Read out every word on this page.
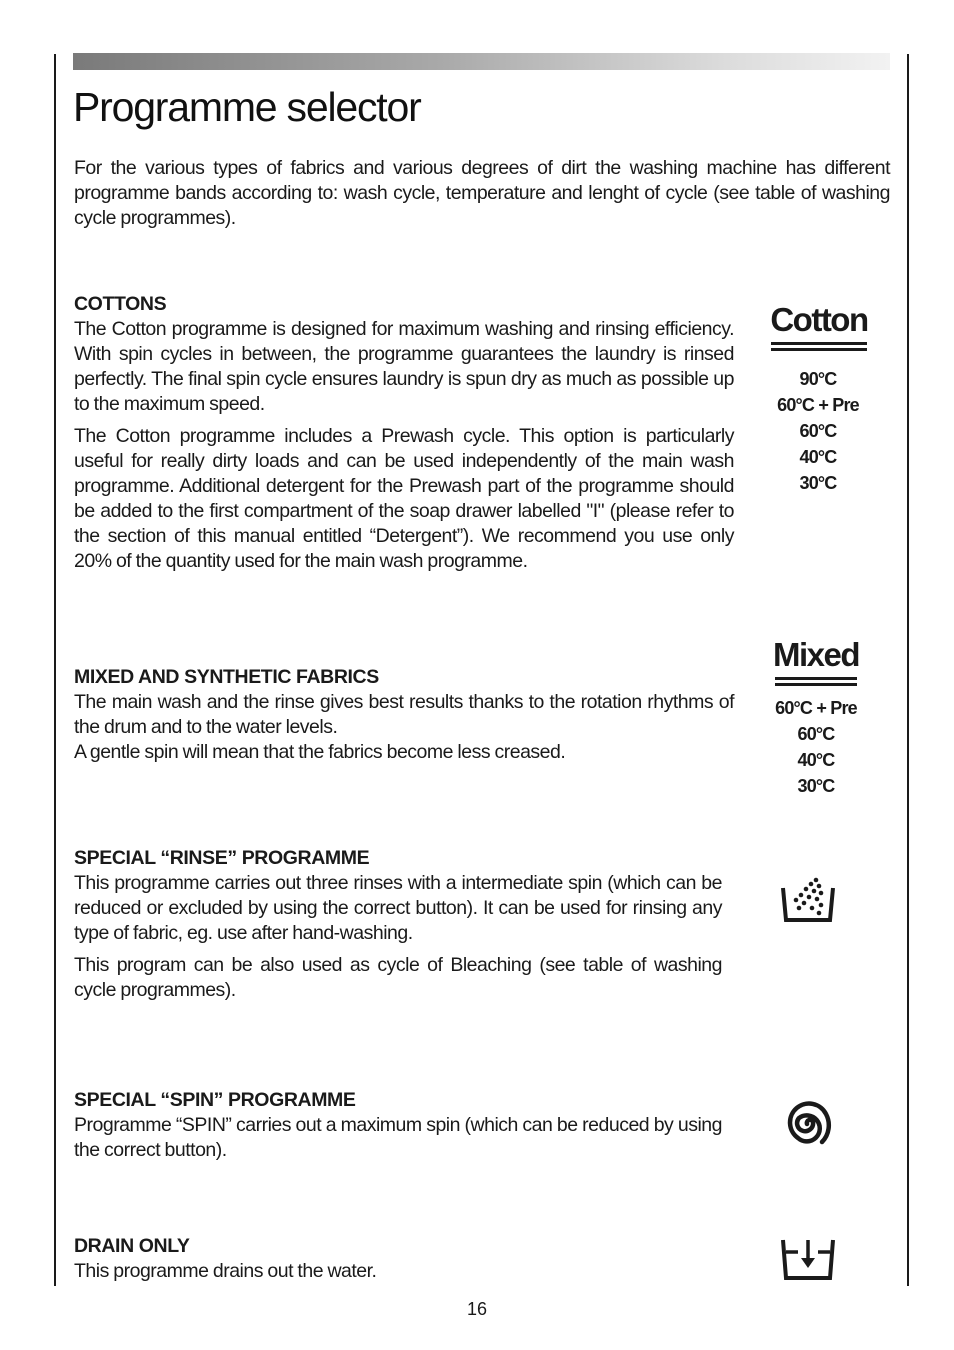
Programme selector

For the various types of fabrics and various degrees of dirt the washing machine has different programme bands according to: wash cycle, temperature and lenght of cycle (see table of washing cycle programmes).

COTTONS

The Cotton programme is designed for maximum washing and rinsing efficiency. With spin cycles in between, the programme guarantees the laundry is rinsed perfectly. The final spin cycle ensures laundry is spun dry as much as possible up to the maximum speed.

The Cotton programme includes a Prewash cycle. This option is particularly useful for really dirty loads and can be used independently of the main wash programme. Additional detergent for the Prewash part of the programme should be added to the first compartment of the soap drawer labelled "I" (please refer to the section of this manual entitled “Detergent”). We recommend you use only 20% of the quantity used for the main wash programme.

Cotton
90°C
60°C + Pre
60°C
40°C
30°C
MIXED AND SYNTHETIC FABRICS

The main wash and the rinse gives best results thanks to the rotation rhythms of the drum and to the water levels.

A gentle spin will mean that the fabrics become less creased.

Mixed
60°C + Pre
60°C
40°C
30°C
SPECIAL “RINSE” PROGRAMME

This programme carries out three rinses with a intermediate spin (which can be reduced or excluded by using the correct button). It can be used for rinsing any type of fabric, eg. use after hand-washing.

This program can be also used as cycle of Bleaching (see table of washing cycle programmes).

SPECIAL “SPIN” PROGRAMME

Programme “SPIN” carries out a maximum spin (which can be reduced by using the correct button).

DRAIN ONLY

This programme drains out the water.

16
